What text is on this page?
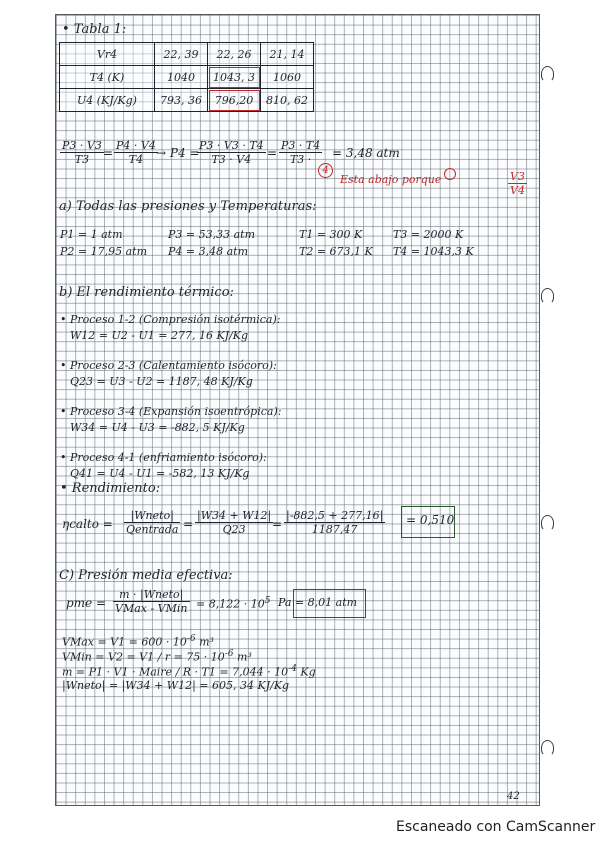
• Tabla 1:
Vr4	22, 39	22, 26	21, 14
T4 (K)	1040	1043, 3	1060
U4 (KJ/Kg)	793, 36	796,20	810, 62
$\frac{P3 \cdot V3}{T3} = \frac{P4 \cdot V4}{T4}$
→ P4 =
$\frac{P3 \cdot V3 \cdot T4}{T3 \cdot V4} = \frac{P3 \cdot T4}{T3 \cdot} = 3,48$ atm
4
Esta abajo porque	$\frac{V3}{V4}$
a) Todas las presiones y Temperaturas:
P1 = 1 atm
P2 = 17,95 atm
P3 = 53,33 atm
P4 = 3,48 atm
T1 = 300 K
T2 = 673,1 K
T3 = 2000 K
T4 = 1043,3 K
b) El rendimiento térmico:
• Proceso 1-2 (Compresión isotérmica):
W12 = U2 - U1 = 277, 16 KJ/Kg
• Proceso 2-3 (Calentamiento isócoro):
Q23 = U3 - U2 = 1187, 48 KJ/Kg
• Proceso 3-4 (Expansión isoentrópica):
W34 = U4 - U3 = -882, 5 KJ/Kg
• Proceso 4-1 (enfriamiento isócoro):
Q41 = U4 - U1 = -582, 13 KJ/Kg
• Rendimiento:
ηcalto =
|Wneto|
Qentrada = $\frac{|W34 + W12|}{Q23}$
= $\frac{|-882,5 + 277,16|}{1187,47} = 0,510$
C) Presión media efectiva:
pme =
m · |Wneto|
VMax - VMin = $8,122 \cdot 10^5$ Pa = 8,01 atm
VMax = $V1 = 600 \cdot 10^{-6}$ m³
VMin = $V2 = V1 / r = 75 \cdot 10^{-6}$ m³
m = P1 · V1 · Maire / $R \cdot T1 = 7,044 \cdot 10^{-4}$ Kg
|Wneto| = |W34 + W12| = 605, 34 KJ/Kg
42
Escaneado con CamScanner
